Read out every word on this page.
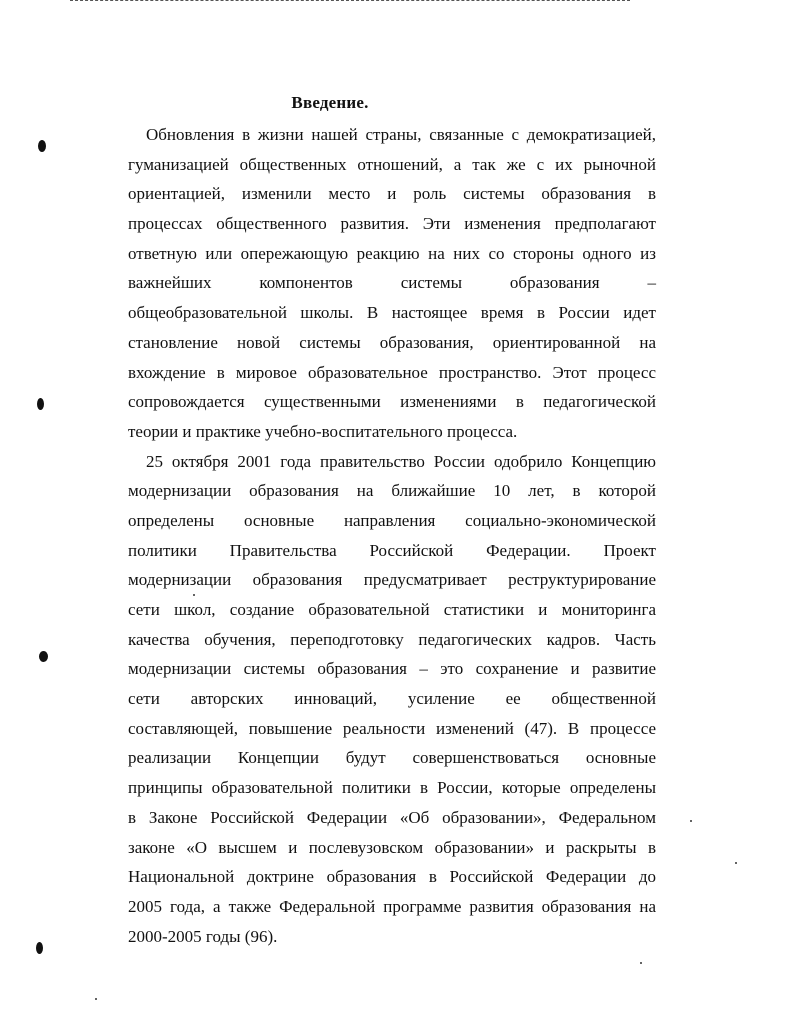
Введение.
Обновления в жизни нашей страны, связанные с демократизацией,
гуманизацией общественных отношений, а так же с их рыночной
ориентацией, изменили место и роль системы образования в
процессах общественного развития. Эти изменения предполагают
ответную или опережающую реакцию на них со стороны одного из
важнейших компонентов системы образования –
общеобразовательной школы. В настоящее время в России идет
становление новой системы образования, ориентированной на
вхождение в мировое образовательное пространство. Этот процесс
сопровождается существенными изменениями в педагогической
теории и практике учебно-воспитательного процесса.
25 октября 2001 года правительство России одобрило Концепцию
модернизации образования на ближайшие 10 лет, в которой
определены основные направления социально-экономической
политики Правительства Российской Федерации. Проект
модернизации образования предусматривает реструктурирование
сети школ, создание образовательной статистики и мониторинга
качества обучения, переподготовку педагогических кадров. Часть
модернизации системы образования – это сохранение и развитие
сети авторских инноваций, усиление ее общественной
составляющей, повышение реальности изменений (47). В процессе
реализации Концепции будут совершенствоваться основные
принципы образовательной политики в России, которые определены
в Законе Российской Федерации «Об образовании», Федеральном
законе «О высшем и послевузовском образовании» и раскрыты в
Национальной доктрине образования в Российской Федерации до
2005 года, а также Федеральной программе развития образования на
2000-2005 годы (96).
